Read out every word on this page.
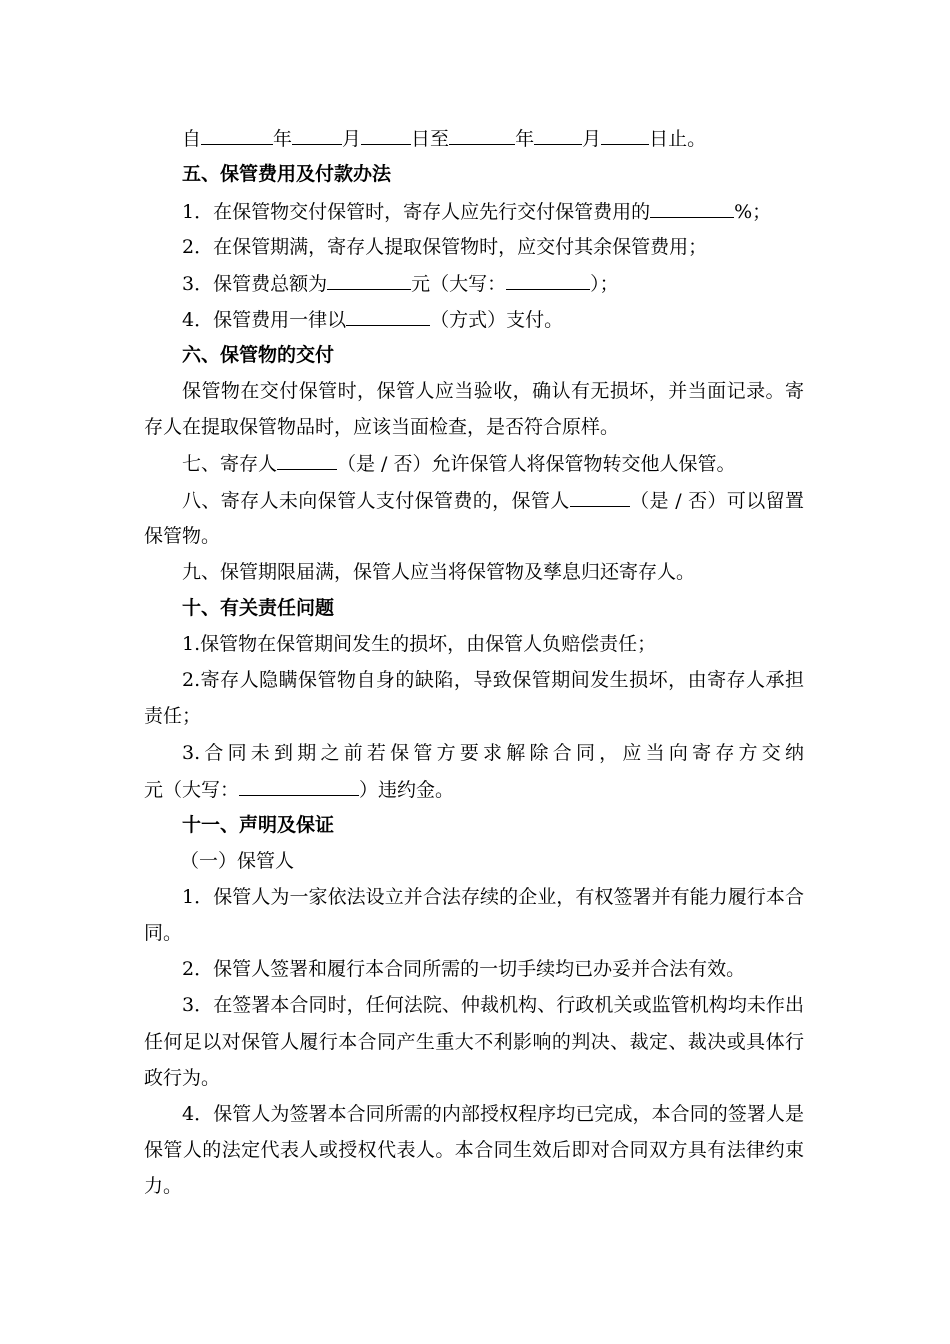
自	年	月	日至	年	月	日止。
五、保管费用及付款办法
1．在保管物交付保管时，寄存人应先行交付保管费用的	%；
2．在保管期满，寄存人提取保管物时，应交付其余保管费用；
3．保管费总额为	元（大写：	）；
4．保管费用一律以	（方式）支付。
六、保管物的交付
保管物在交付保管时，保管人应当验收，确认有无损坏，并当面记录。寄
存人在提取保管物品时，应该当面检查，是否符合原样。
七、寄存人	（是 / 否）允许保管人将保管物转交他人保管。
八、寄存人未向保管人支付保管费的，保管人	（是 / 否）可以留置
保管物。
九、保管期限届满，保管人应当将保管物及孳息归还寄存人。
十、有关责任问题
1.保管物在保管期间发生的损坏，由保管人负赔偿责任；
2.寄存人隐瞒保管物自身的缺陷，导致保管期间发生损坏，由寄存人承担
责任；
3.合同未到期之前若保管方要求解除合同，应当向寄存方交纳
元（大写：	）违约金。
十一、声明及保证
（一）保管人
1．保管人为一家依法设立并合法存续的企业，有权签署并有能力履行本合
同。
2．保管人签署和履行本合同所需的一切手续均已办妥并合法有效。
3．在签署本合同时，任何法院、仲裁机构、行政机关或监管机构均未作出
任何足以对保管人履行本合同产生重大不利影响的判决、裁定、裁决或具体行
政行为。
4．保管人为签署本合同所需的内部授权程序均已完成，本合同的签署人是
保管人的法定代表人或授权代表人。本合同生效后即对合同双方具有法律约束
力。
